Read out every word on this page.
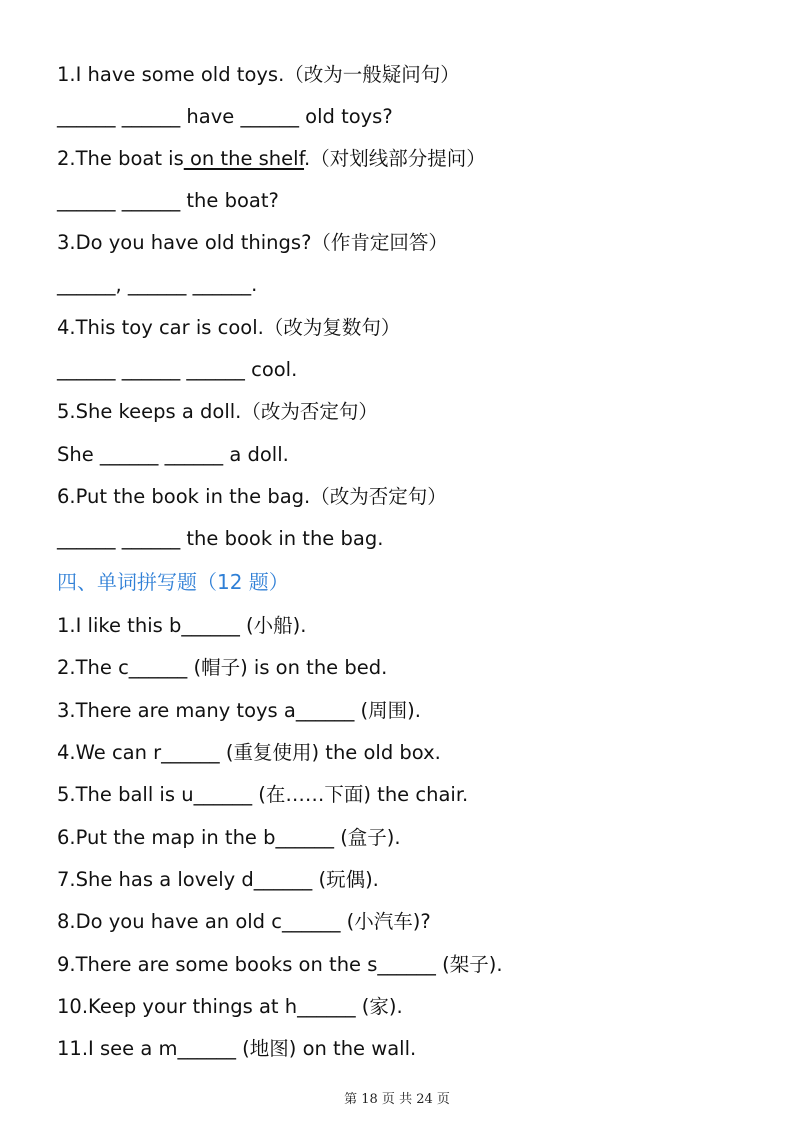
1.I have some old toys.（改为一般疑问句）
______ ______ have ______ old toys?
2.The boat is on the shelf.（对划线部分提问）
______ ______ the boat?
3.Do you have old things?（作肯定回答）
______, ______ ______.
4.This toy car is cool.（改为复数句）
______ ______ ______ cool.
5.She keeps a doll.（改为否定句）
She ______ ______ a doll.
6.Put the book in the bag.（改为否定句）
______ ______ the book in the bag.
四、单词拼写题（12 题）
1.I like this b______ (小船).
2.The c______ (帽子) is on the bed.
3.There are many toys a______ (周围).
4.We can r______ (重复使用) the old box.
5.The ball is u______ (在……下面) the chair.
6.Put the map in the b______ (盒子).
7.She has a lovely d______ (玩偶).
8.Do you have an old c______ (小汽车)?
9.There are some books on the s______ (架子).
10.Keep your things at h______ (家).
11.I see a m______ (地图) on the wall.
第 18 页 共 24 页
